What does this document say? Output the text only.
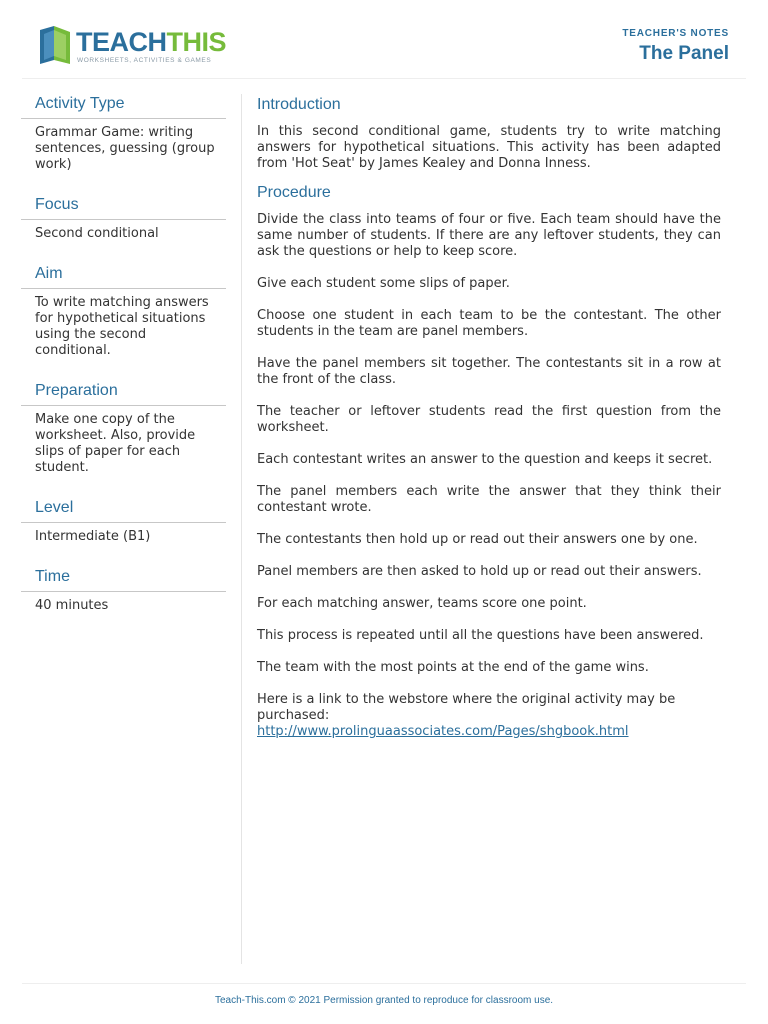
TEACHTHIS
WORKSHEETS, ACTIVITIES & GAMES
TEACHER'S NOTES
The Panel
Activity Type
Grammar Game: writing sentences, guessing (group work)
Focus
Second conditional
Aim
To write matching answers for hypothetical situations using the second conditional.
Preparation
Make one copy of the worksheet. Also, provide slips of paper for each student.
Level
Intermediate (B1)
Time
40 minutes
Introduction

In this second conditional game, students try to write matching answers for hypothetical situations. This activity has been adapted from 'Hot Seat' by James Kealey and Donna Inness.

Procedure

Divide the class into teams of four or five. Each team should have the same number of students. If there are any leftover students, they can ask the questions or help to keep score.

Give each student some slips of paper.

Choose one student in each team to be the contestant. The other students in the team are panel members.

Have the panel members sit together. The contestants sit in a row at the front of the class.

The teacher or leftover students read the first question from the worksheet.

Each contestant writes an answer to the question and keeps it secret.

The panel members each write the answer that they think their contestant wrote.

The contestants then hold up or read out their answers one by one.

Panel members are then asked to hold up or read out their answers.

For each matching answer, teams score one point.

This process is repeated until all the questions have been answered.

The team with the most points at the end of the game wins.

Here is a link to the webstore where the original activity may be purchased:
http://www.prolinguaassociates.com/Pages/shgbook.html
Teach-This.com © 2021 Permission granted to reproduce for classroom use.
